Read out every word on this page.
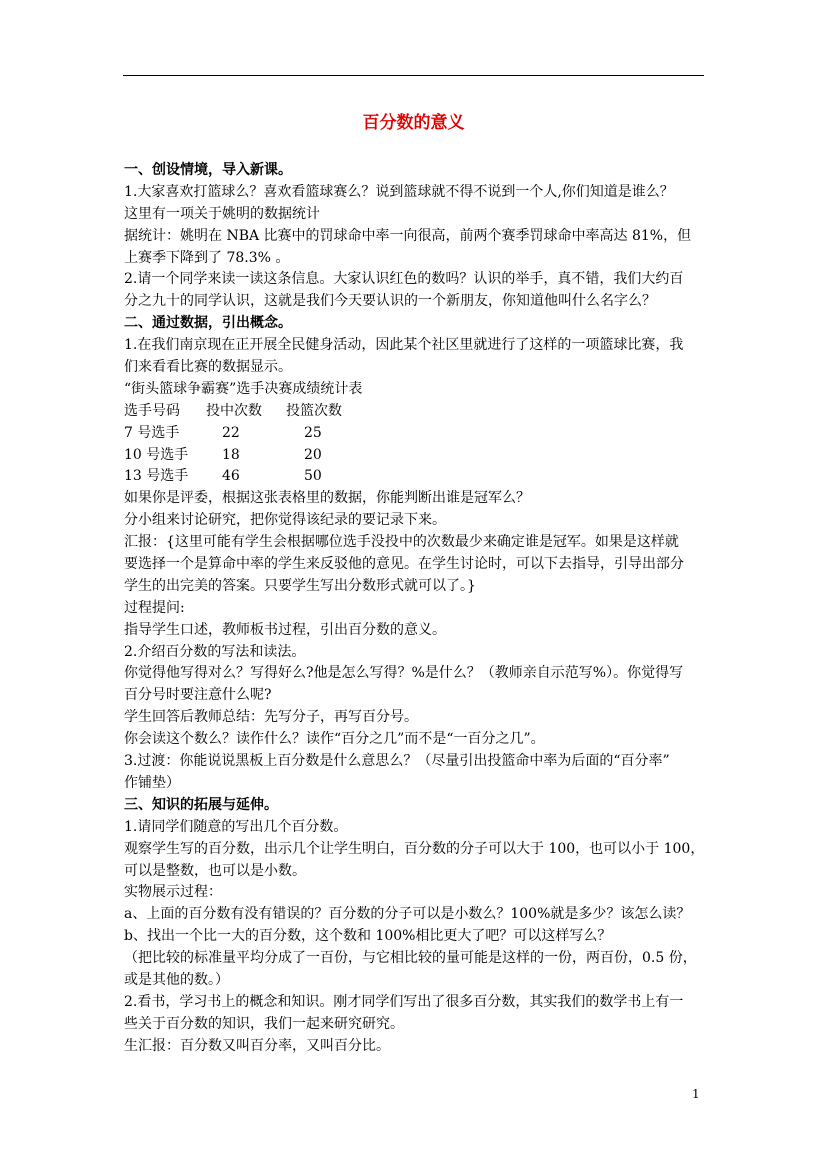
百分数的意义
一、创设情境，导入新课。
1.大家喜欢打篮球么？喜欢看篮球赛么？说到篮球就不得不说到一个人,你们知道是谁么？
这里有一项关于姚明的数据统计
据统计：姚明在 NBA 比赛中的罚球命中率一向很高，前两个赛季罚球命中率高达 81%，但
上赛季下降到了 78.3% 。
2.请一个同学来读一读这条信息。大家认识红色的数吗？认识的举手，真不错，我们大约百
分之九十的同学认识，这就是我们今天要认识的一个新朋友，你知道他叫什么名字么？
二、通过数据，引出概念。
1.在我们南京现在正开展全民健身活动，因此某个社区里就进行了这样的一项篮球比赛，我
们来看看比赛的数据显示。
“街头篮球争霸赛”选手决赛成绩统计表
选手号码 投中次数 投篮次数
7 号选手	22	25
10 号选手 18	20
13 号选手 46	50
如果你是评委，根据这张表格里的数据，你能判断出谁是冠军么？
分小组来讨论研究，把你觉得该纪录的要记录下来。
汇报：{这里可能有学生会根据哪位选手没投中的次数最少来确定谁是冠军。如果是这样就
要选择一个是算命中率的学生来反驳他的意见。在学生讨论时，可以下去指导，引导出部分
学生的出完美的答案。只要学生写出分数形式就可以了。}
过程提问:
指导学生口述，教师板书过程，引出百分数的意义。
2.介绍百分数的写法和读法。
你觉得他写得对么？写得好么?他是怎么写得？%是什么？（教师亲自示范写%）。你觉得写
百分号时要注意什么呢?
学生回答后教师总结：先写分子，再写百分号。
你会读这个数么？读作什么？读作“百分之几”而不是“一百分之几”。
3.过渡：你能说说黑板上百分数是什么意思么？（尽量引出投篮命中率为后面的“百分率”
作铺垫）
三、知识的拓展与延伸。
1.请同学们随意的写出几个百分数。
观察学生写的百分数，出示几个让学生明白，百分数的分子可以大于 100，也可以小于 100，
可以是整数，也可以是小数。
实物展示过程：
a、上面的百分数有没有错误的？百分数的分子可以是小数么？100%就是多少？该怎么读？
b、找出一个比一大的百分数，这个数和 100%相比更大了吧？可以这样写么？
（把比较的标准量平均分成了一百份，与它相比较的量可能是这样的一份，两百份，0.5 份，
或是其他的数。）
2.看书，学习书上的概念和知识。刚才同学们写出了很多百分数，其实我们的数学书上有一
些关于百分数的知识，我们一起来研究研究。
生汇报：百分数又叫百分率，又叫百分比。
1
